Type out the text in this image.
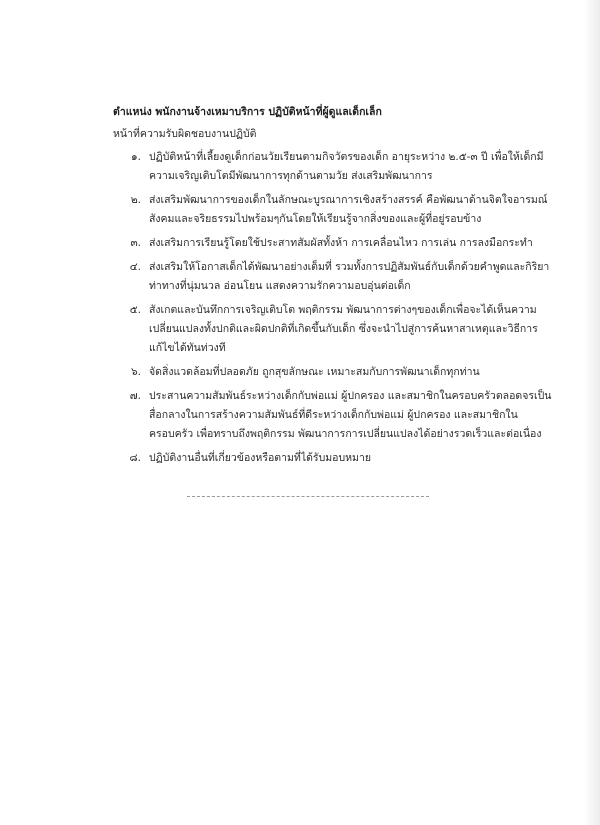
ตำแหน่ง พนักงานจ้างเหมาบริการ ปฏิบัติหน้าที่ผู้ดูแลเด็กเล็ก

หน้าที่ความรับผิดชอบงานปฏิบัติ

๑. ปฏิบัติหน้าที่เลี้ยงดูเด็กก่อนวัยเรียนตามกิจวัตรของเด็ก อายุระหว่าง ๒.๕-๓ ปี เพื่อให้เด็กมีความเจริญเติบโตมีพัฒนาการทุกด้านตามวัย ส่งเสริมพัฒนาการ
๒. ส่งเสริมพัฒนาการของเด็กในลักษณะบูรณาการเชิงสร้างสรรค์ คือพัฒนาด้านจิตใจอารมณ์ สังคมและจริยธรรมไปพร้อมๆกันโดยให้เรียนรู้จากสิ่งของและผู้ที่อยู่รอบข้าง
๓. ส่งเสริมการเรียนรู้โดยใช้ประสาทสัมผัสทั้งห้า การเคลื่อนไหว การเล่น การลงมือกระทำ
๔. ส่งเสริมให้โอกาสเด็กได้พัฒนาอย่างเต็มที่ รวมทั้งการปฏิสัมพันธ์กับเด็กด้วยคำพูดและกิริยาท่าทางที่นุ่มนวล อ่อนโยน แสดงความรักความอบอุ่นต่อเด็ก
๕. สังเกตและบันทึกการเจริญเติบโต พฤติกรรม พัฒนาการต่างๆของเด็กเพื่อจะได้เห็นความเปลี่ยนแปลงทั้งปกติและผิดปกติที่เกิดขึ้นกับเด็ก ซึ่งจะนำไปสู่การค้นหาสาเหตุและวิธีการแก้ไขได้ทันท่วงที
๖. จัดสิ่งแวดล้อมที่ปลอดภัย ถูกสุขลักษณะ เหมาะสมกับการพัฒนาเด็กทุกท่าน
๗. ประสานความสัมพันธ์ระหว่างเด็กกับพ่อแม่ ผู้ปกครอง และสมาชิกในครอบครัวตลอดจรเป็นสื่อกลางในการสร้างความสัมพันธ์ที่ดีระหว่างเด็กกับพ่อแม่ ผู้ปกครอง และสมาชิกในครอบครัว เพื่อทราบถึงพฤติกรรม พัฒนาการการเปลี่ยนแปลงได้อย่างรวดเร็วและต่อเนื่อง
๘. ปฏิบัติงานอื่นที่เกี่ยวข้องหรือตามที่ได้รับมอบหมาย
